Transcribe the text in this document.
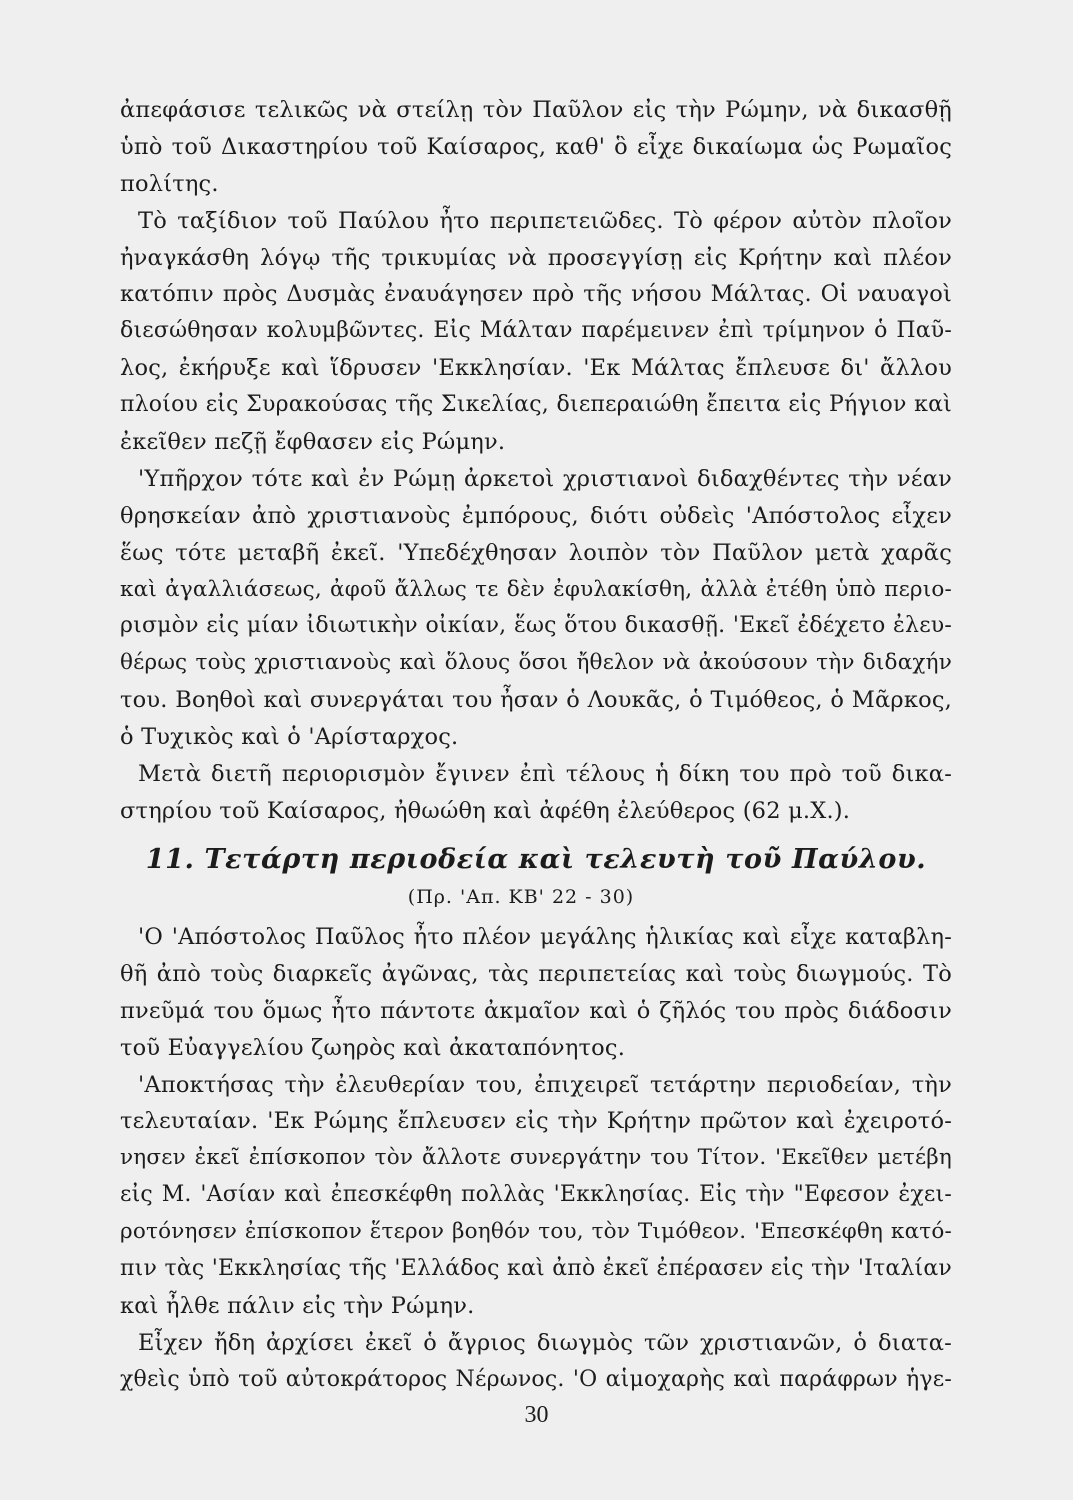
ἀπεφάσισε τελικῶς νὰ στείλῃ τὸν Παῦλον εἰς τὴν Ρώμην, νὰ δικασθῇ
ὑπὸ τοῦ Δικαστηρίου τοῦ Καίσαρος, καθ' ὃ εἶχε δικαίωμα ὡς Ρωμαῖος
πολίτης.
Τὸ ταξίδιον τοῦ Παύλου ἦτο περιπετειῶδες. Τὸ φέρον αὐτὸν πλοῖον
ἠναγκάσθη λόγῳ τῆς τρικυμίας νὰ προσεγγίσῃ εἰς Κρήτην καὶ πλέον
κατόπιν πρὸς Δυσμὰς ἐναυάγησεν πρὸ τῆς νήσου Μάλτας. Οἱ ναυαγοὶ
διεσώθησαν κολυμβῶντες. Εἰς Μάλταν παρέμεινεν ἐπὶ τρίμηνον ὁ Παῦ-
λος, ἐκήρυξε καὶ ἵδρυσεν 'Εκκλησίαν. 'Εκ Μάλτας ἔπλευσε δι' ἄλλου
πλοίου εἰς Συρακούσας τῆς Σικελίας, διεπεραιώθη ἔπειτα εἰς Ρήγιον καὶ
ἐκεῖθεν πεζῇ ἔφθασεν εἰς Ρώμην.
'Υπῆρχον τότε καὶ ἐν Ρώμῃ ἀρκετοὶ χριστιανοὶ διδαχθέντες τὴν νέαν
θρησκείαν ἀπὸ χριστιανοὺς ἐμπόρους, διότι οὐδεὶς 'Απόστολος εἶχεν
ἕως τότε μεταβῆ ἐκεῖ. 'Υπεδέχθησαν λοιπὸν τὸν Παῦλον μετὰ χαρᾶς
καὶ ἀγαλλιάσεως, ἀφοῦ ἄλλως τε δὲν ἐφυλακίσθη, ἀλλὰ ἐτέθη ὑπὸ περιο-
ρισμὸν εἰς μίαν ἰδιωτικὴν οἰκίαν, ἕως ὅτου δικασθῇ. 'Εκεῖ ἐδέχετο ἐλευ-
θέρως τοὺς χριστιανοὺς καὶ ὅλους ὅσοι ἤθελον νὰ ἀκούσουν τὴν διδαχήν
του. Βοηθοὶ καὶ συνεργάται του ἦσαν ὁ Λουκᾶς, ὁ Τιμόθεος, ὁ Μᾶρκος,
ὁ Τυχικὸς καὶ ὁ 'Αρίσταρχος.
Μετὰ διετῆ περιορισμὸν ἔγινεν ἐπὶ τέλους ἡ δίκη του πρὸ τοῦ δικα-
στηρίου τοῦ Καίσαρος, ἠθωώθη καὶ ἀφέθη ἐλεύθερος (62 μ.Χ.).
11. Τετάρτη περιοδεία καὶ τελευτὴ τοῦ Παύλου.
(Πρ. 'Απ. ΚΒ' 22 - 30)
'Ο 'Απόστολος Παῦλος ἦτο πλέον μεγάλης ἡλικίας καὶ εἶχε καταβλη-
θῆ ἀπὸ τοὺς διαρκεῖς ἀγῶνας, τὰς περιπετείας καὶ τοὺς διωγμούς. Τὸ
πνεῦμά του ὅμως ἦτο πάντοτε ἀκμαῖον καὶ ὁ ζῆλός του πρὸς διάδοσιν
τοῦ Εὐαγγελίου ζωηρὸς καὶ ἀκαταπόνητος.
'Αποκτήσας τὴν ἐλευθερίαν του, ἐπιχειρεῖ τετάρτην περιοδείαν, τὴν
τελευταίαν. 'Εκ Ρώμης ἔπλευσεν εἰς τὴν Κρήτην πρῶτον καὶ ἐχειροτό-
νησεν ἐκεῖ ἐπίσκοπον τὸν ἄλλοτε συνεργάτην του Τίτον. 'Εκεῖθεν μετέβη
εἰς Μ. 'Ασίαν καὶ ἐπεσκέφθη πολλὰς 'Εκκλησίας. Εἰς τὴν "Εφεσον ἐχει-
ροτόνησεν ἐπίσκοπον ἕτερον βοηθόν του, τὸν Τιμόθεον. 'Επεσκέφθη κατό-
πιν τὰς 'Εκκλησίας τῆς 'Ελλάδος καὶ ἀπὸ ἐκεῖ ἐπέρασεν εἰς τὴν 'Ιταλίαν
καὶ ἦλθε πάλιν εἰς τὴν Ρώμην.
Εἶχεν ἤδη ἀρχίσει ἐκεῖ ὁ ἄγριος διωγμὸς τῶν χριστιανῶν, ὁ διατα-
χθεὶς ὑπὸ τοῦ αὐτοκράτορος Νέρωνος. 'Ο αἱμοχαρὴς καὶ παράφρων ἡγε-
30
